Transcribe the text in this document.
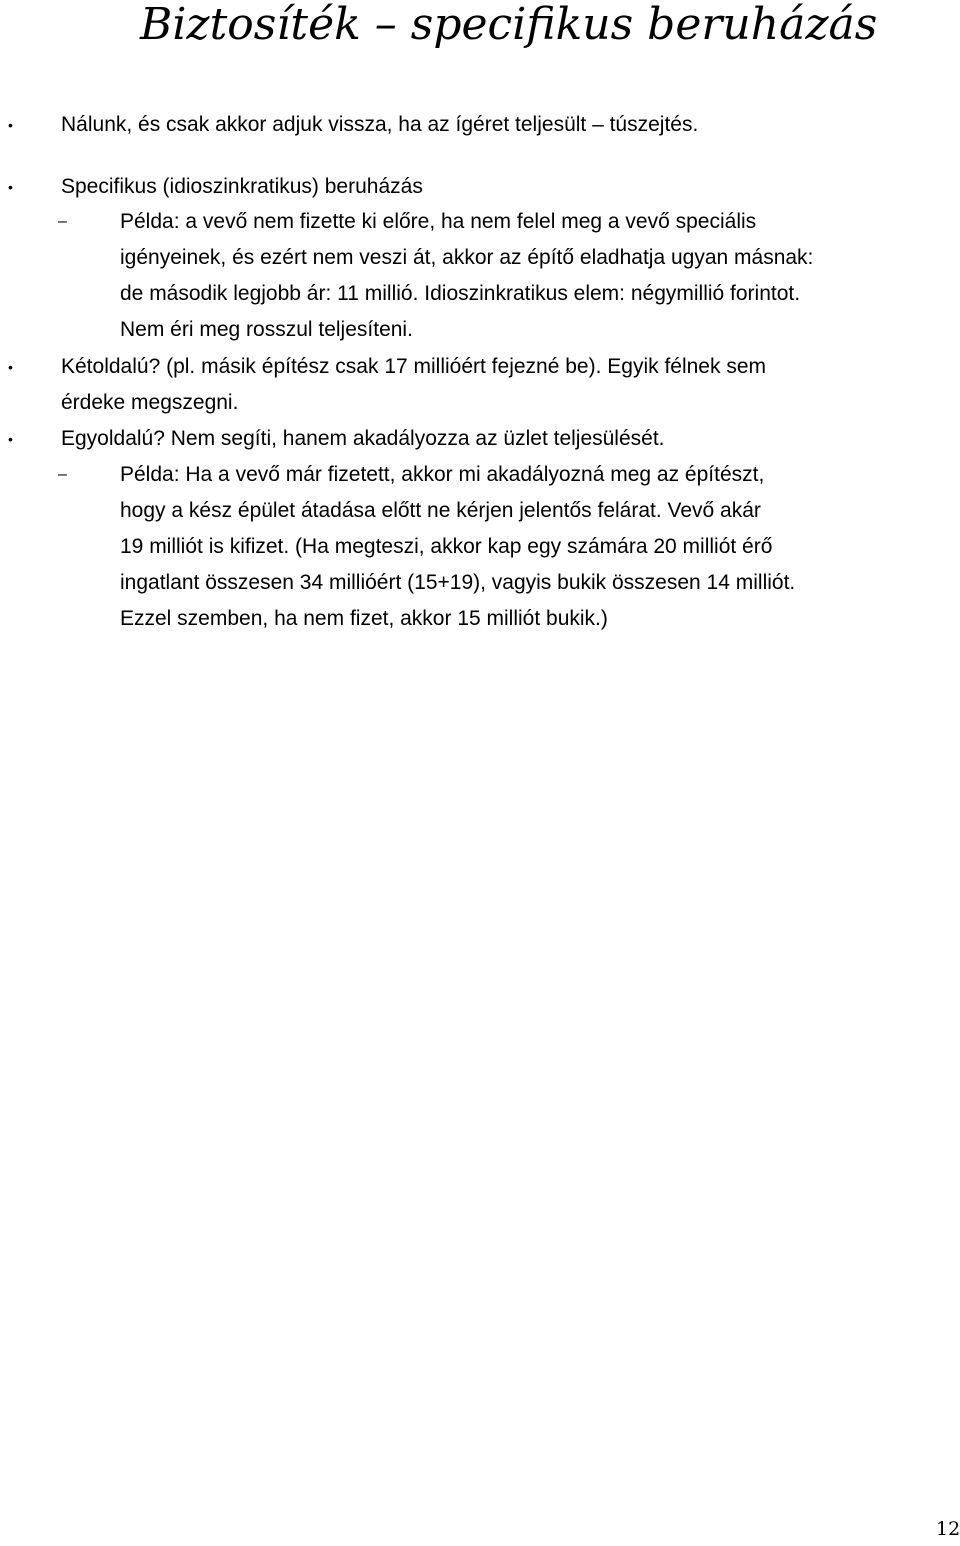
Biztosíték – specifikus beruházás
• Nálunk, és csak akkor adjuk vissza, ha az ígéret teljesült – túszejtés.
• Specifikus (idioszinkratikus) beruházás
–	Példa: a vevő nem fizette ki előre, ha nem felel meg a vevő speciális
igényeinek, és ezért nem veszi át, akkor az építő eladhatja ugyan másnak:
de második legjobb ár: 11 millió. Idioszinkratikus elem: négymillió forintot.
Nem éri meg rosszul teljesíteni.
• Kétoldalú? (pl. másik építész csak 17 millióért fejezné be). Egyik félnek sem
érdeke megszegni.
• Egyoldalú? Nem segíti, hanem akadályozza az üzlet teljesülését.
–	Példa: Ha a vevő már fizetett, akkor mi akadályozná meg az építészt,
hogy a kész épület átadása előtt ne kérjen jelentős felárat. Vevő akár
19 milliót is kifizet. (Ha megteszi, akkor kap egy számára 20 milliót érő
ingatlant összesen 34 millióért (15+19), vagyis bukik összesen 14 milliót.
Ezzel szemben, ha nem fizet, akkor 15 milliót bukik.)
12
